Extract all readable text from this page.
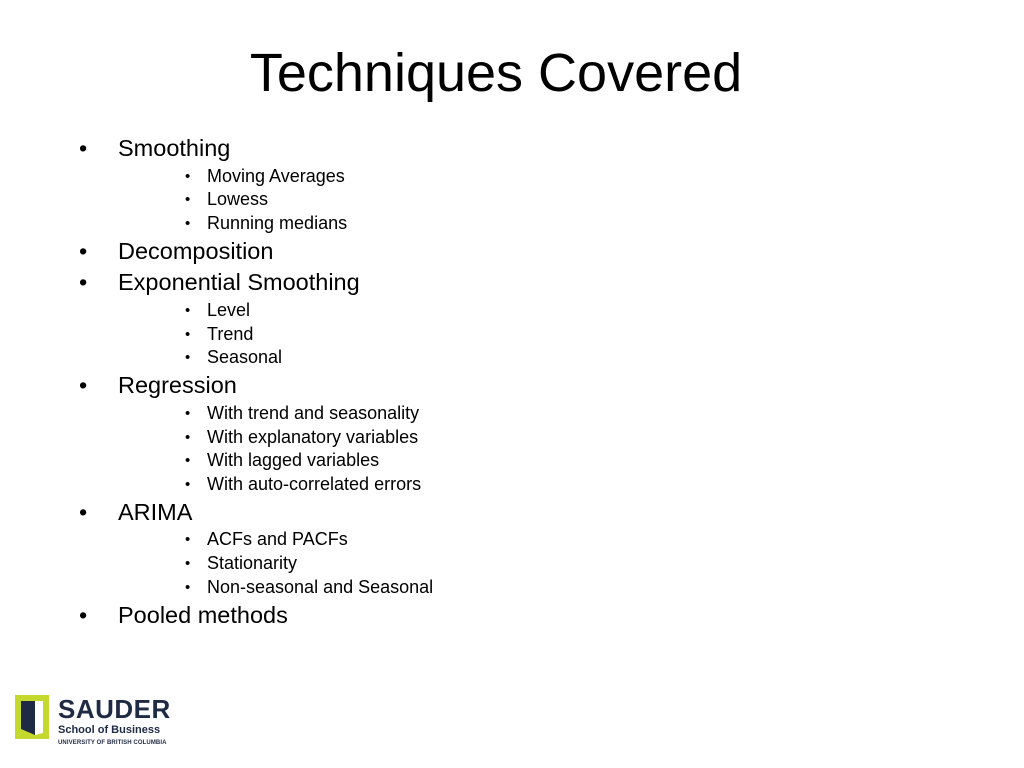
Techniques Covered
• Smoothing
• Moving Averages
• Lowess
• Running medians
• Decomposition
• Exponential Smoothing
• Level
• Trend
• Seasonal
• Regression
• With trend and seasonality
• With explanatory variables
• With lagged variables
• With auto-correlated errors
• ARIMA
• ACFs and PACFs
• Stationarity
• Non-seasonal and Seasonal
• Pooled methods
SAUDER
School of Business
UNIVERSITY OF BRITISH COLUMBIA
